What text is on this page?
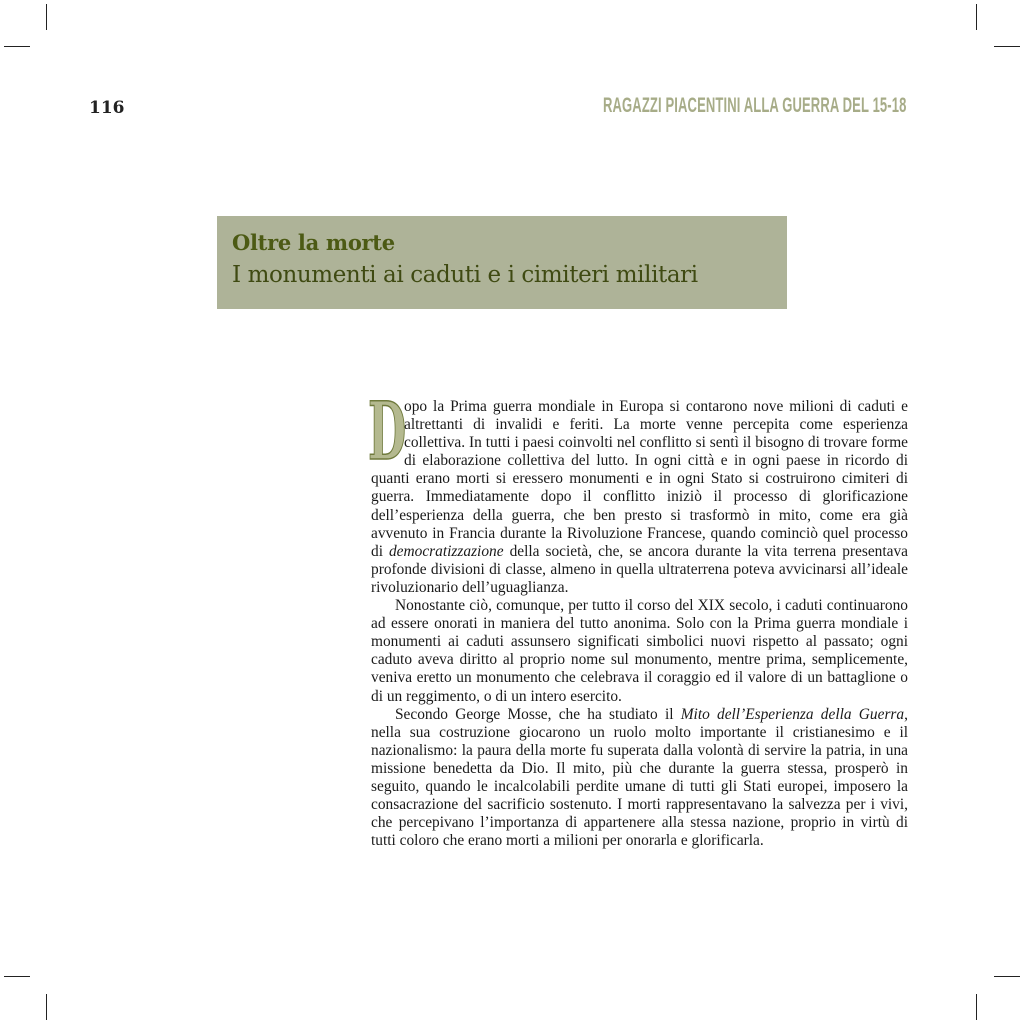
116	RAGAZZI PIACENTINI ALLA GUERRA DEL 15-18
Oltre la morte
I monumenti ai caduti e i cimiteri militari

D
opo la Prima guerra mondiale in Europa si contarono nove milioni di caduti e altrettanti di invalidi e feriti. La morte venne percepita come esperienza collettiva. In tutti i paesi coinvolti nel conflitto si sentì il bisogno di trovare forme di elaborazione collettiva del lutto. In ogni città e in ogni paese in ricordo di quanti erano morti si eressero monumenti e in ogni Stato si costruirono cimiteri di guerra. Immediatamente dopo il conflitto iniziò il processo di glorificazione dell’esperienza della guerra, che ben presto si trasformò in mito, come era già avvenuto in Francia durante la Rivoluzione Francese, quando cominciò quel processo di democratizzazione della società, che, se ancora durante la vita terrena presentava profonde divisioni di classe, almeno in quella ultraterrena poteva avvicinarsi all’ideale rivoluzionario dell’uguaglianza.

Nonostante ciò, comunque, per tutto il corso del XIX secolo, i caduti continuarono ad essere onorati in maniera del tutto anonima. Solo con la Prima guerra mondiale i monumenti ai caduti assunsero significati simbolici nuovi rispetto al passato; ogni caduto aveva diritto al proprio nome sul monumento, mentre prima, semplicemente, veniva eretto un monumento che celebrava il coraggio ed il valore di un battaglione o di un reggimento, o di un intero esercito.

Secondo George Mosse, che ha studiato il Mito dell’Esperienza della Guerra, nella sua costruzione giocarono un ruolo molto importante il cristianesimo e il nazionalismo: la paura della morte fu superata dalla volontà di servire la patria, in una missione benedetta da Dio. Il mito, più che durante la guerra stessa, prosperò in seguito, quando le incalcolabili perdite umane di tutti gli Stati europei, imposero la consacrazione del sacrificio sostenuto. I morti rappresentavano la salvezza per i vivi, che percepivano l’importanza di appartenere alla stessa nazione, proprio in virtù di tutti coloro che erano morti a milioni per onorarla e glorificarla.
